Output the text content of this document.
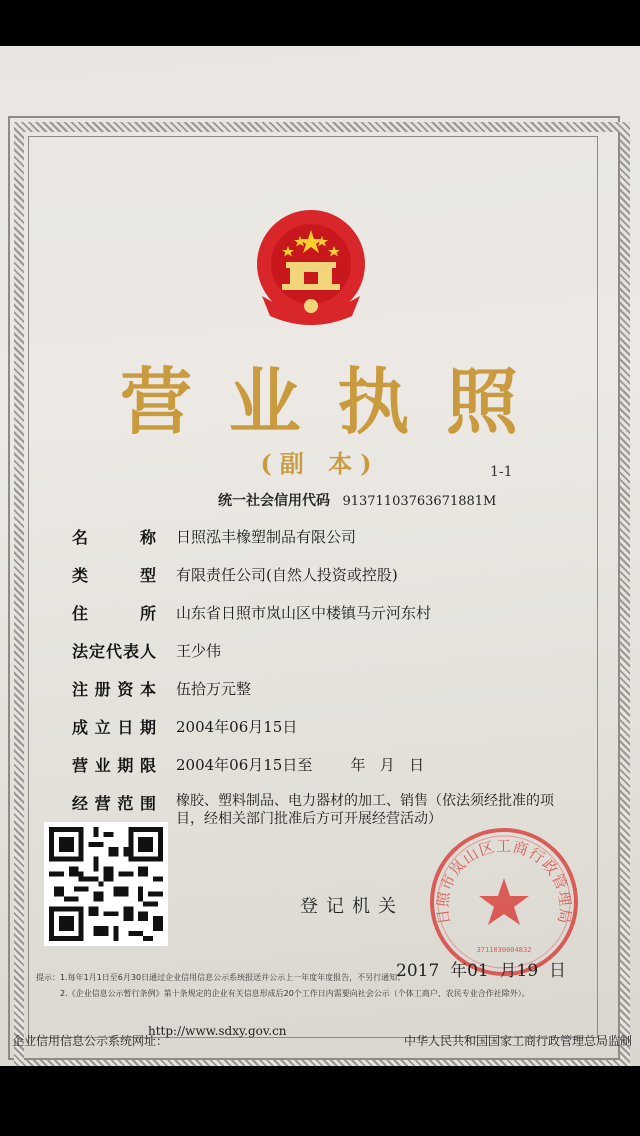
营 业 执 照
(副 本)	1-1
统一社会信用代码 91371103763671881M
名	称 日照泓丰橡塑制品有限公司
类	型 有限责任公司(自然人投资或控股)
住	所 山东省日照市岚山区中楼镇马亓河东村
法 定 代 表 人 王少伟
注 册 资 本 伍拾万元整
成 立 日 期 2004年06月15日
营 业 期 限 2004年06月15日至        年   月   日
经 营 范 围 橡胶、塑料制品、电力器材的加工、销售（依法须经批准的项目，经相关部门批准后方可开展经营活动）
日照市岚山区工商行政管理局
3711030004832
登记机关
2017  年01  月19  日
提示：1.每年1月1日至6月30日通过企业信用信息公示系统报送并公示上一年度年度报告，不另行通知；
2.《企业信息公示暂行条例》第十条规定的企业有关信息形成后20个工作日内需要向社会公示（个体工商户、农民专业合作社除外）。
企业信用信息公示系统网址：
http://www.sdxy.gov.cn
中华人民共和国国家工商行政管理总局监制
